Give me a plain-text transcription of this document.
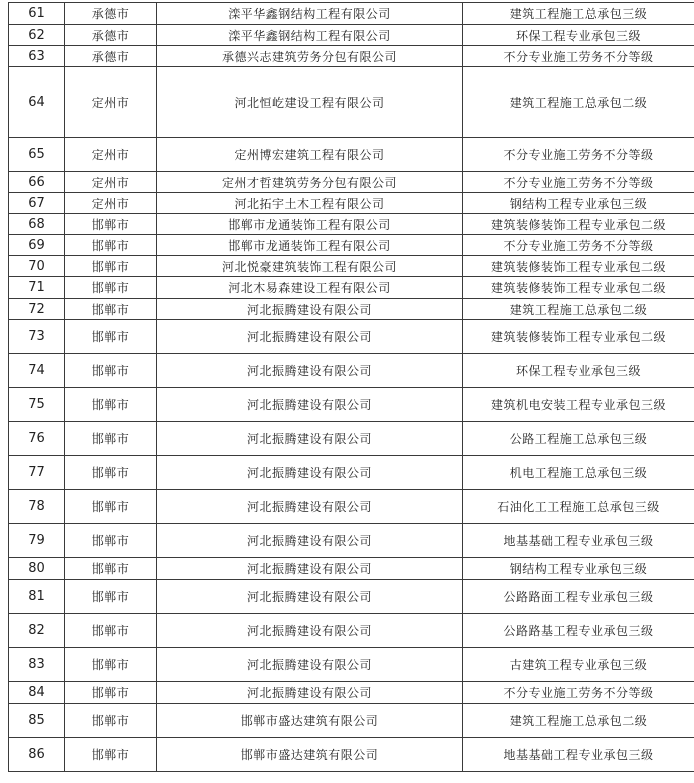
61	承德市	滦平华鑫钢结构工程有限公司	建筑工程施工总承包三级
62	承德市	滦平华鑫钢结构工程有限公司	环保工程专业承包三级
63	承德市	承德兴志建筑劳务分包有限公司	不分专业施工劳务不分等级
64	定州市	河北恒屹建设工程有限公司	建筑工程施工总承包二级
65	定州市	定州博宏建筑工程有限公司	不分专业施工劳务不分等级
66	定州市	定州才哲建筑劳务分包有限公司	不分专业施工劳务不分等级
67	定州市	河北拓宇土木工程有限公司	钢结构工程专业承包三级
68	邯郸市	邯郸市龙通装饰工程有限公司	建筑装修装饰工程专业承包二级
69	邯郸市	邯郸市龙通装饰工程有限公司	不分专业施工劳务不分等级
70	邯郸市	河北悦豪建筑装饰工程有限公司	建筑装修装饰工程专业承包二级
71	邯郸市	河北木易森建设工程有限公司	建筑装修装饰工程专业承包二级
72	邯郸市	河北振腾建设有限公司	建筑工程施工总承包二级
73	邯郸市	河北振腾建设有限公司	建筑装修装饰工程专业承包二级
74	邯郸市	河北振腾建设有限公司	环保工程专业承包三级
75	邯郸市	河北振腾建设有限公司	建筑机电安装工程专业承包三级
76	邯郸市	河北振腾建设有限公司	公路工程施工总承包三级
77	邯郸市	河北振腾建设有限公司	机电工程施工总承包三级
78	邯郸市	河北振腾建设有限公司	石油化工工程施工总承包三级
79	邯郸市	河北振腾建设有限公司	地基基础工程专业承包三级
80	邯郸市	河北振腾建设有限公司	钢结构工程专业承包三级
81	邯郸市	河北振腾建设有限公司	公路路面工程专业承包三级
82	邯郸市	河北振腾建设有限公司	公路路基工程专业承包三级
83	邯郸市	河北振腾建设有限公司	古建筑工程专业承包三级
84	邯郸市	河北振腾建设有限公司	不分专业施工劳务不分等级
85	邯郸市	邯郸市盛达建筑有限公司	建筑工程施工总承包二级
86	邯郸市	邯郸市盛达建筑有限公司	地基基础工程专业承包三级
